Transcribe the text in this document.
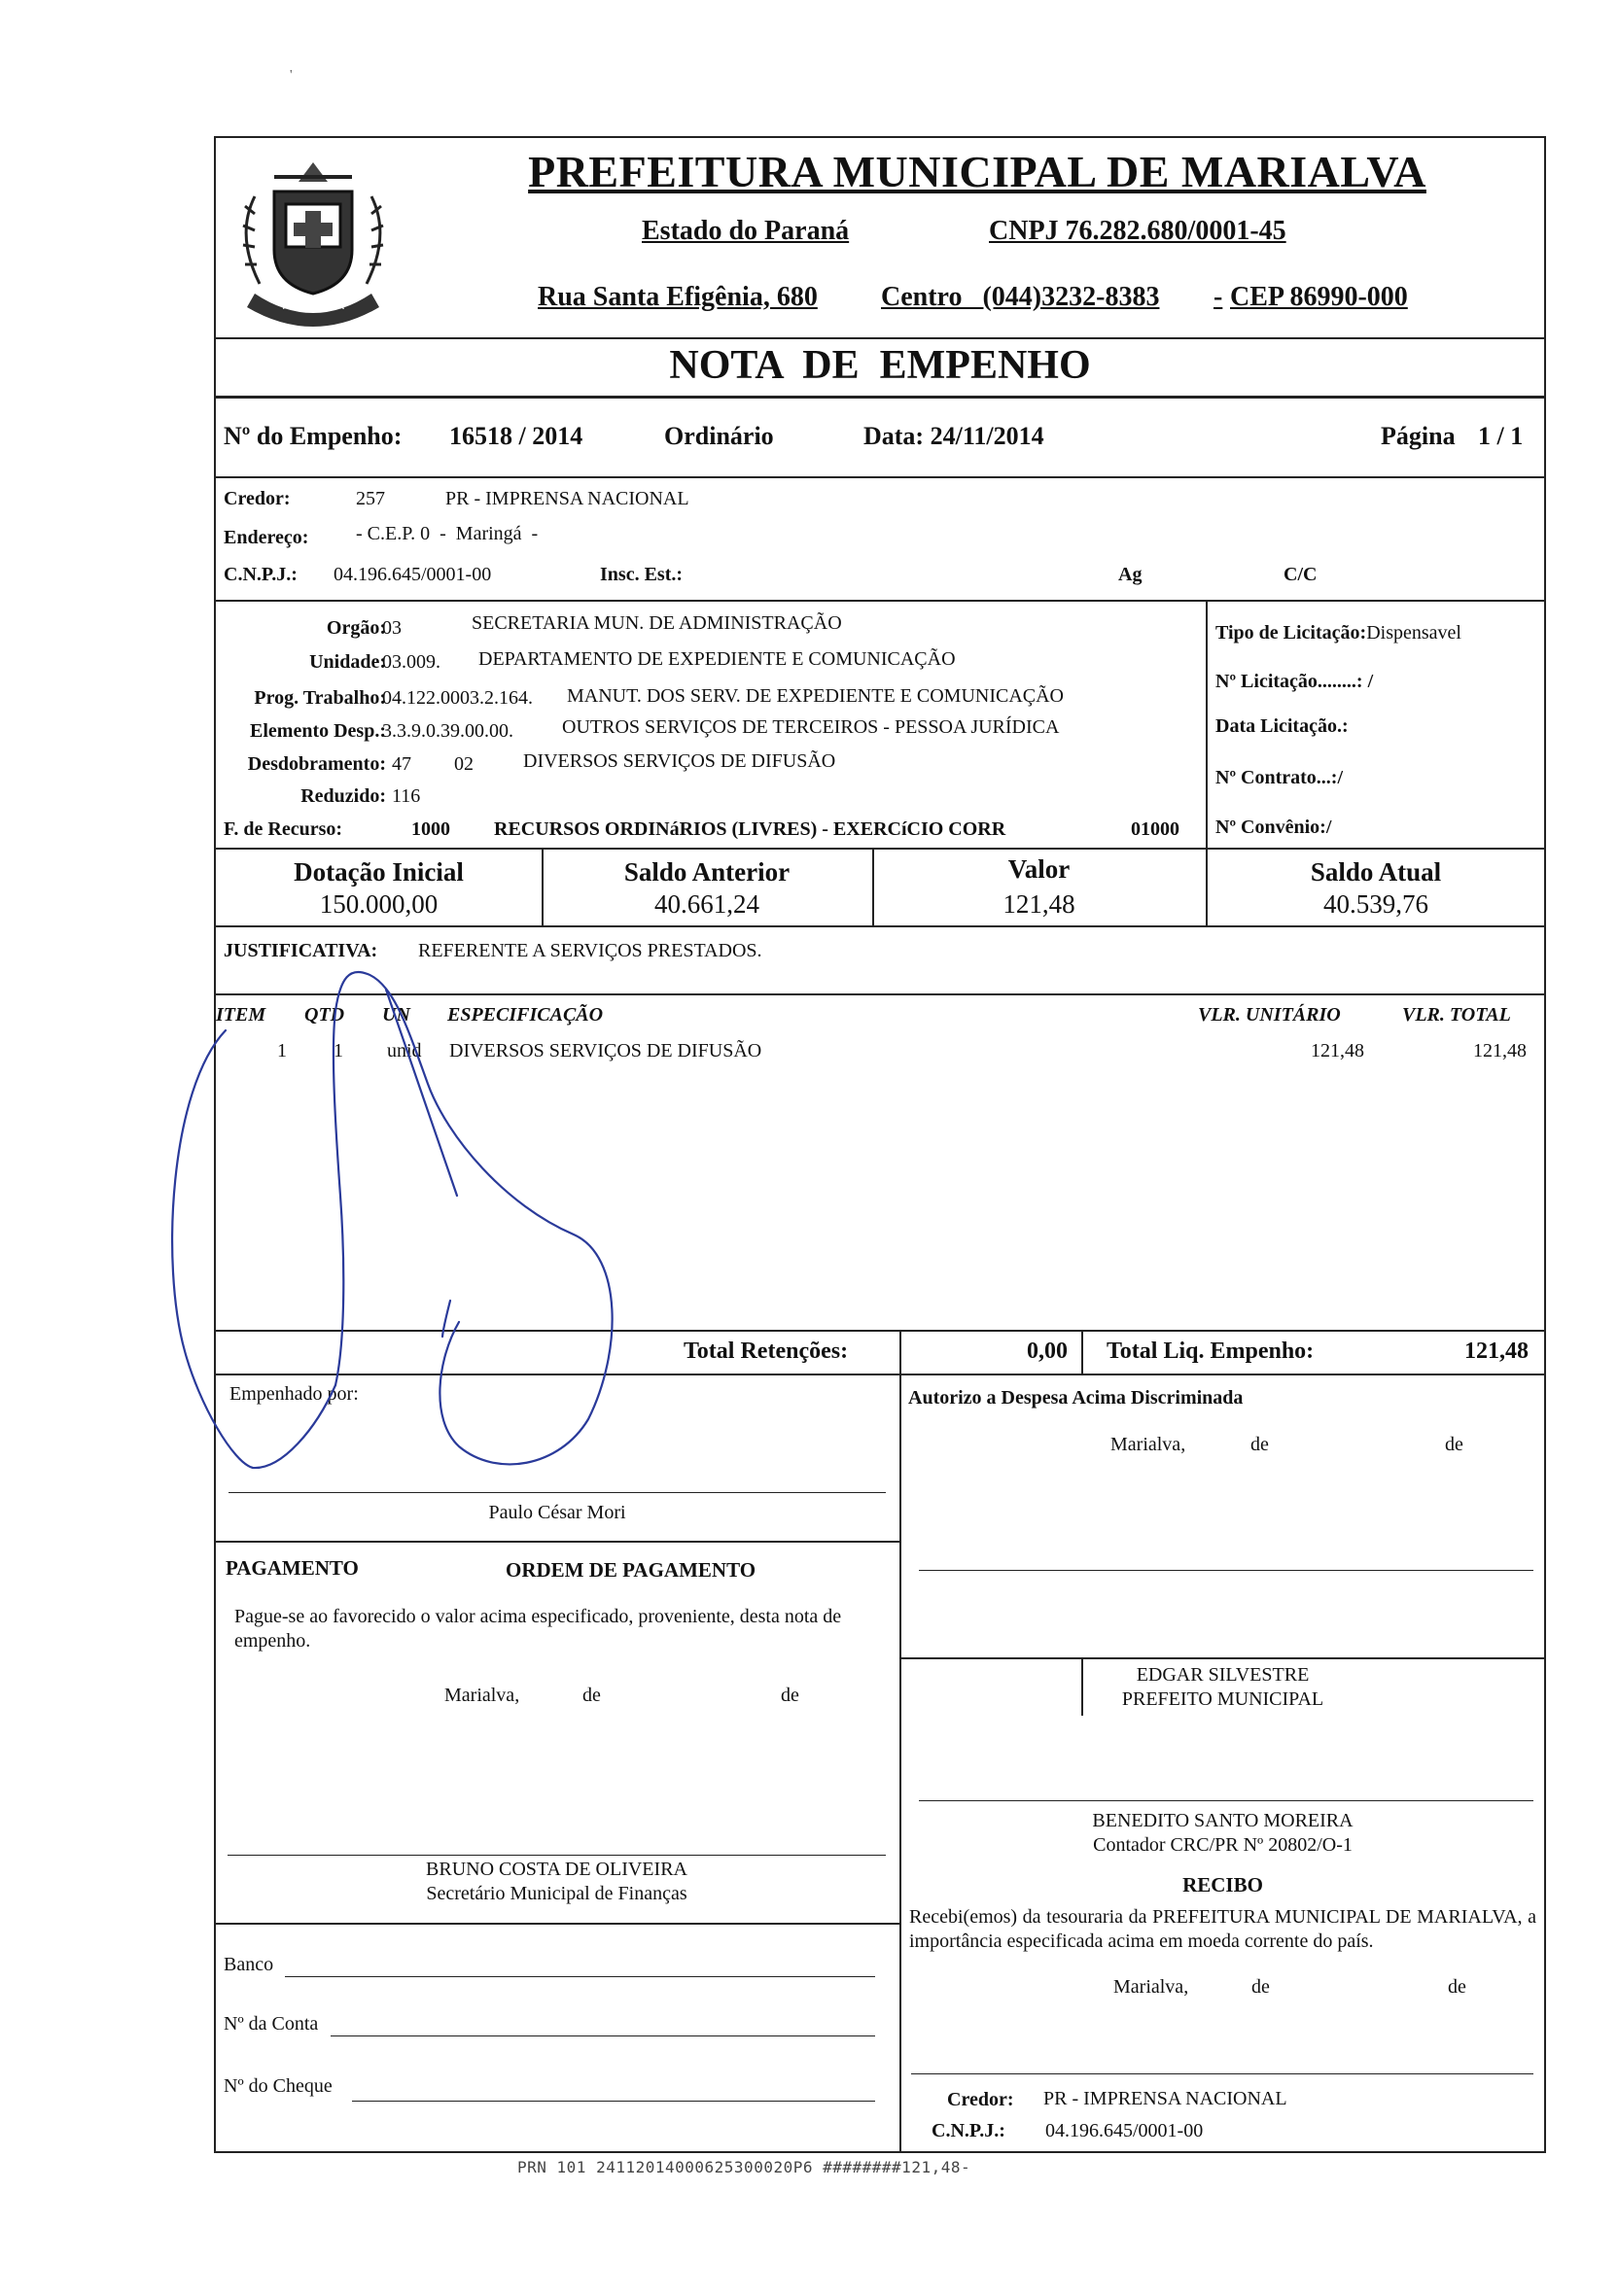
'
MARIALVA
PREFEITURA MUNICIPAL DE MARIALVA
Estado do Paraná	CNPJ 76.282.680/0001-45
Rua Santa Efigênia, 680 Centro   (044)3232-8383 - CEP 86990-000
NOTA  DE  EMPENHO
Nº do Empenho: 16518 / 2014	Ordinário	Data: 24/11/2014	Página 1 / 1
Credor:	257	PR - IMPRENSA NACIONAL
Endereço: - C.E.P. 0  -  Maringá  -
C.N.P.J.: 04.196.645/0001-00	Insc. Est.:	Ag	C/C
Orgão:
03	SECRETARIA MUN. DE ADMINISTRAÇÃO
Unidade:
03.009. DEPARTAMENTO DE EXPEDIENTE E COMUNICAÇÃO
Prog. Trabalho:
04.122.0003.2.164. MANUT. DOS SERV. DE EXPEDIENTE E COMUNICAÇÃO
Elemento Desp.:
3.3.9.0.39.00.00.	OUTROS SERVIÇOS DE TERCEIROS - PESSOA JURÍDICA
Desdobramento: 47 02	DIVERSOS SERVIÇOS DE DIFUSÃO
Reduzido: 116
F. de Recurso:	1000 RECURSOS ORDINáRIOS (LIVRES) - EXERCíCIO CORR	01000
Tipo de Licitação:Dispensavel
Nº Licitação........: /
Data Licitação.:
Nº Contrato...:/
Nº Convênio:/
Dotação Inicial
150.000,00
Saldo Anterior
40.661,24
Valor
121,48
Saldo Atual
40.539,76
JUSTIFICATIVA: REFERENTE A SERVIÇOS PRESTADOS.
ITEM QTD UN ESPECIFICAÇÃO	VLR. UNITÁRIO	VLR. TOTAL
1 1 unid DIVERSOS SERVIÇOS DE DIFUSÃO	121,48	121,48
Total Retenções:	0,00 Total Liq. Empenho:	121,48
Empenhado por:
Paulo César Mori
Autorizo a Despesa Acima Discriminada
Marialva,	de	de
PAGAMENTO	ORDEM DE PAGAMENTO
Pague-se ao favorecido o valor acima especificado, proveniente, desta nota de empenho.
Marialva,	de	de
EDGAR SILVESTRE
PREFEITO MUNICIPAL
BENEDITO SANTO MOREIRA
Contador CRC/PR Nº 20802/O-1
BRUNO COSTA DE OLIVEIRA
Secretário Municipal de Finanças	RECIBO
Recebi(emos) da tesouraria da PREFEITURA MUNICIPAL DE MARIALVA, a importância especificada acima em moeda corrente do país.
Marialva,	de	de
Credor: PR - IMPRENSA NACIONAL
C.N.P.J.: 04.196.645/0001-00
Banco
Nº da Conta
Nº do Cheque
PRN 101 24112014000625300020P6 ########121,48-
